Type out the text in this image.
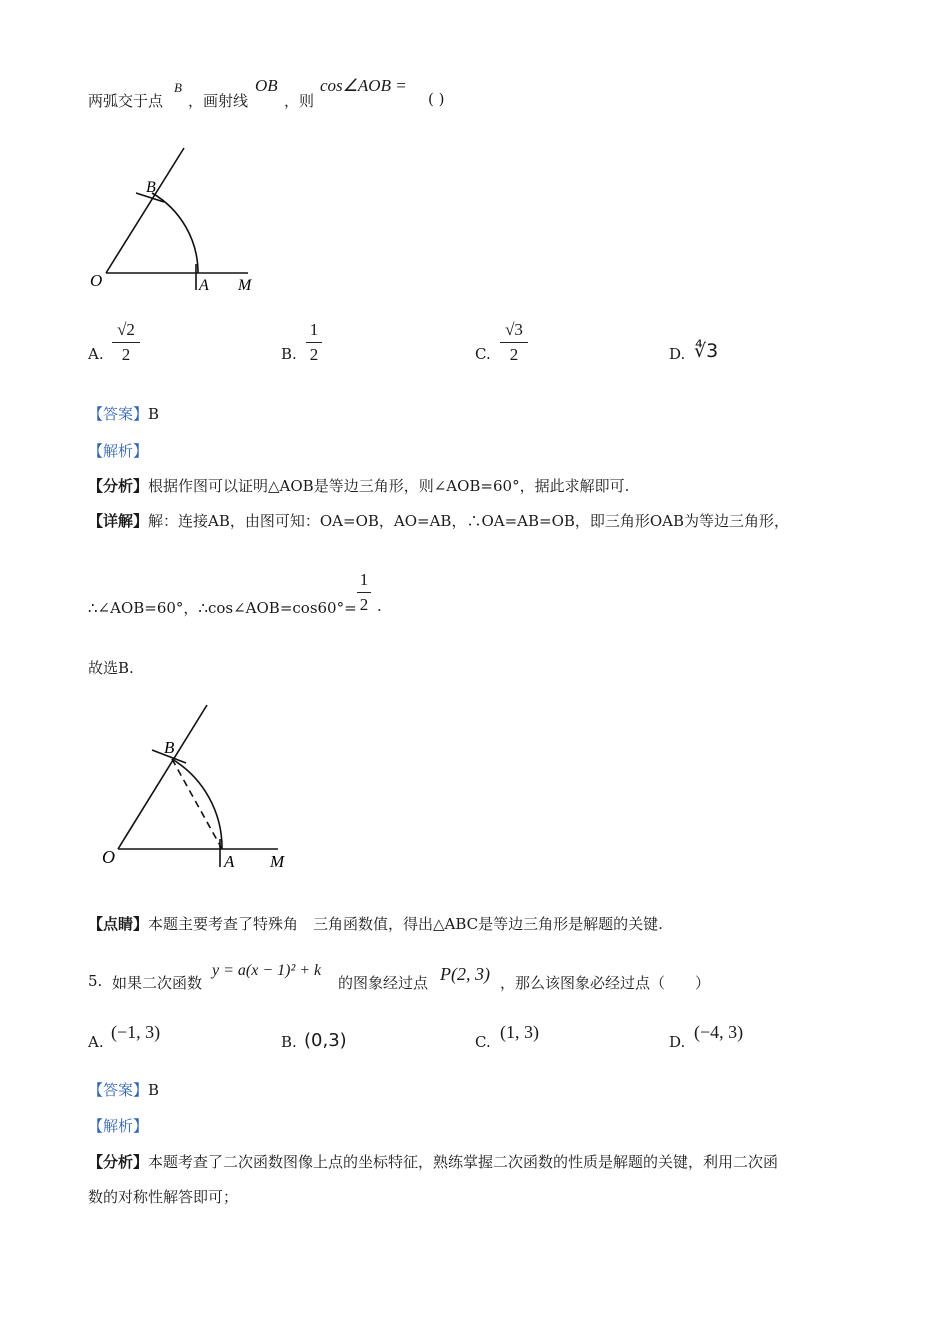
两弧交于点
B
，画射线
OB
，则
cos∠AOB =
( )
B
O	A M
A.
√2
2	B.
1
2	C.
√3
2	D. ∜3
【答案】B
【解析】
【分析】根据作图可以证明△AOB是等边三角形，则∠AOB=60°，据此求解即可.
【详解】解：连接AB，由图可知：OA=OB，AO=AB，∴OA=AB=OB，即三角形OAB为等边三角形，
∴∠AOB=60°，∴cos∠AOB=cos60°=
1
2 .
故选B.
B
O	A M
【点睛】本题主要考查了特殊角　三角函数值，得出△ABC是等边三角形是解题的关键.
5. 如果二次函数
y = a(x − 1)² + k
的图象经过点 P(2, 3) ，那么该图象必经过点（　　）
A. (−1, 3)	B. (0,3)	C. (1, 3)	D. (−4, 3)
【答案】B
【解析】
【分析】本题考查了二次函数图像上点的坐标特征，熟练掌握二次函数的性质是解题的关键，利用二次函
数的对称性解答即可；
